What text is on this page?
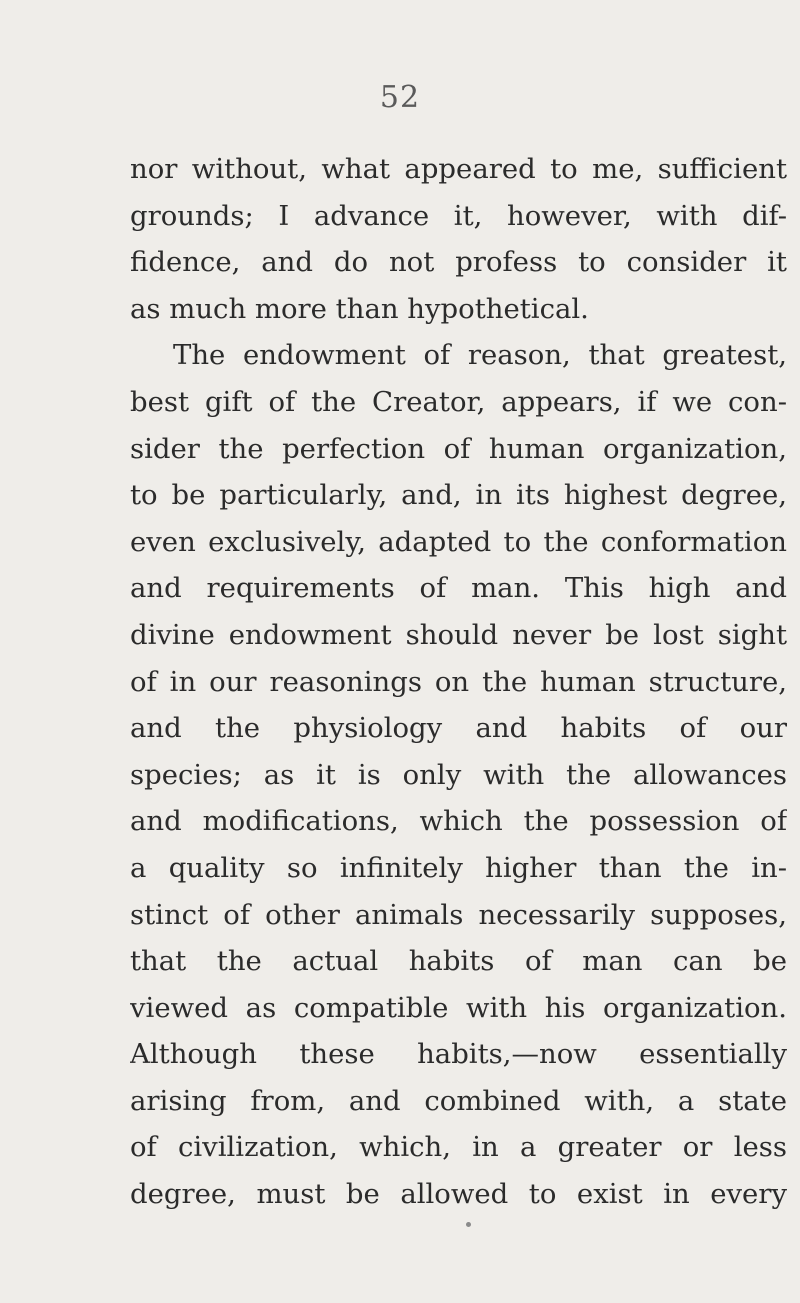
52
nor without, what appeared to me, sufficient
grounds; I advance it, however, with dif-
fidence, and do not profess to consider it
as much more than hypothetical.
The endowment of reason, that greatest,
best gift of the Creator, appears, if we con-
sider the perfection of human organization,
to be particularly, and, in its highest degree,
even exclusively, adapted to the conformation
and requirements of man. This high and
divine endowment should never be lost sight
of in our reasonings on the human structure,
and the physiology and habits of our
species; as it is only with the allowances
and modifications, which the possession of
a quality so infinitely higher than the in-
stinct of other animals necessarily supposes,
that the actual habits of man can be
viewed as compatible with his organization.
Although these habits,—now essentially
arising from, and combined with, a state
of civilization, which, in a greater or less
degree, must be allowed to exist in every
